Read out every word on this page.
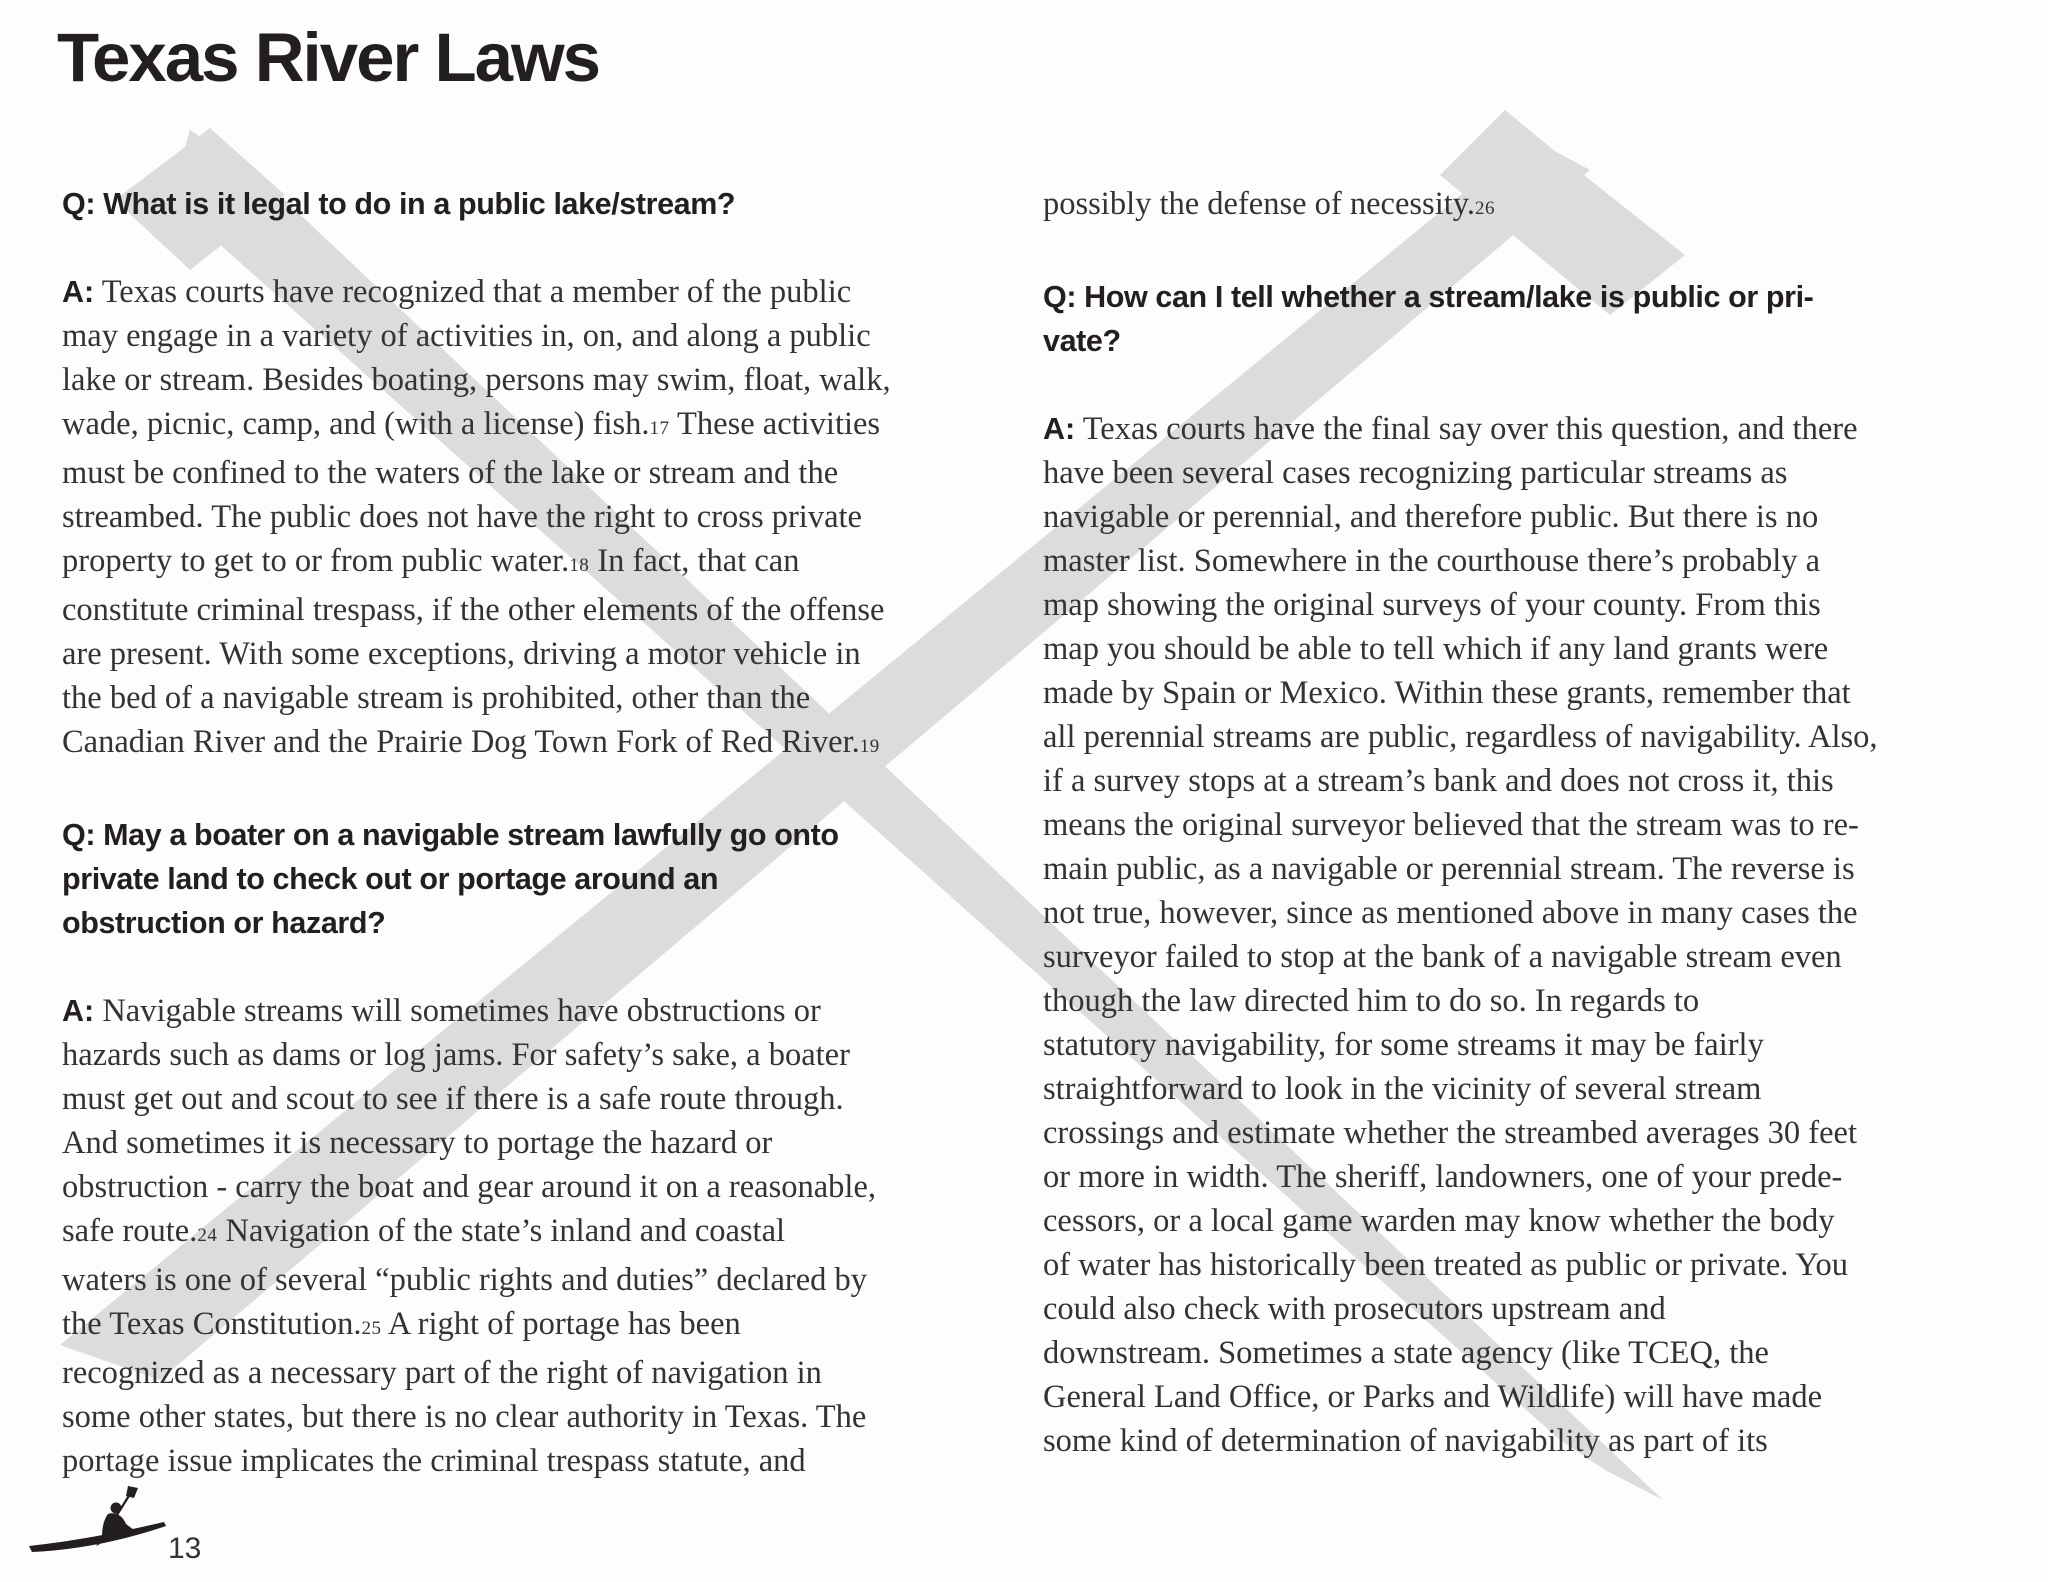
Texas River Laws

Q: What is it legal to do in a public lake/stream?

A: Texas courts have recognized that a member of the public
may engage in a variety of activities in, on, and along a public
lake or stream. Besides boating, persons may swim, float, walk,
wade, picnic, camp, and (with a license) fish.17 These activities
must be confined to the waters of the lake or stream and the
streambed. The public does not have the right to cross private
property to get to or from public water.18 In fact, that can
constitute criminal trespass, if the other elements of the offense
are present. With some exceptions, driving a motor vehicle in
the bed of a navigable stream is prohibited, other than the
Canadian River and the Prairie Dog Town Fork of Red River.19

Q: May a boater on a navigable stream lawfully go onto
private land to check out or portage around an
obstruction or hazard?

A: Navigable streams will sometimes have obstructions or
hazards such as dams or log jams. For safety’s sake, a boater
must get out and scout to see if there is a safe route through.
And sometimes it is necessary to portage the hazard or
obstruction - carry the boat and gear around it on a reasonable,
safe route.24 Navigation of the state’s inland and coastal
waters is one of several “public rights and duties” declared by
the Texas Constitution.25 A right of portage has been
recognized as a necessary part of the right of navigation in
some other states, but there is no clear authority in Texas. The
portage issue implicates the criminal trespass statute, and

possibly the defense of necessity.26

Q: How can I tell whether a stream/lake is public or pri-
vate?

A: Texas courts have the final say over this question, and there
have been several cases recognizing particular streams as
navigable or perennial, and therefore public. But there is no
master list. Somewhere in the courthouse there’s probably a
map showing the original surveys of your county. From this
map you should be able to tell which if any land grants were
made by Spain or Mexico. Within these grants, remember that
all perennial streams are public, regardless of navigability. Also,
if a survey stops at a stream’s bank and does not cross it, this
means the original surveyor believed that the stream was to re-
main public, as a navigable or perennial stream. The reverse is
not true, however, since as mentioned above in many cases the
surveyor failed to stop at the bank of a navigable stream even
though the law directed him to do so. In regards to
statutory navigability, for some streams it may be fairly
straightforward to look in the vicinity of several stream
crossings and estimate whether the streambed averages 30 feet
or more in width. The sheriff, landowners, one of your prede-
cessors, or a local game warden may know whether the body
of water has historically been treated as public or private. You
could also check with prosecutors upstream and
downstream. Sometimes a state agency (like TCEQ, the
General Land Office, or Parks and Wildlife) will have made
some kind of determination of navigability as part of its

13
